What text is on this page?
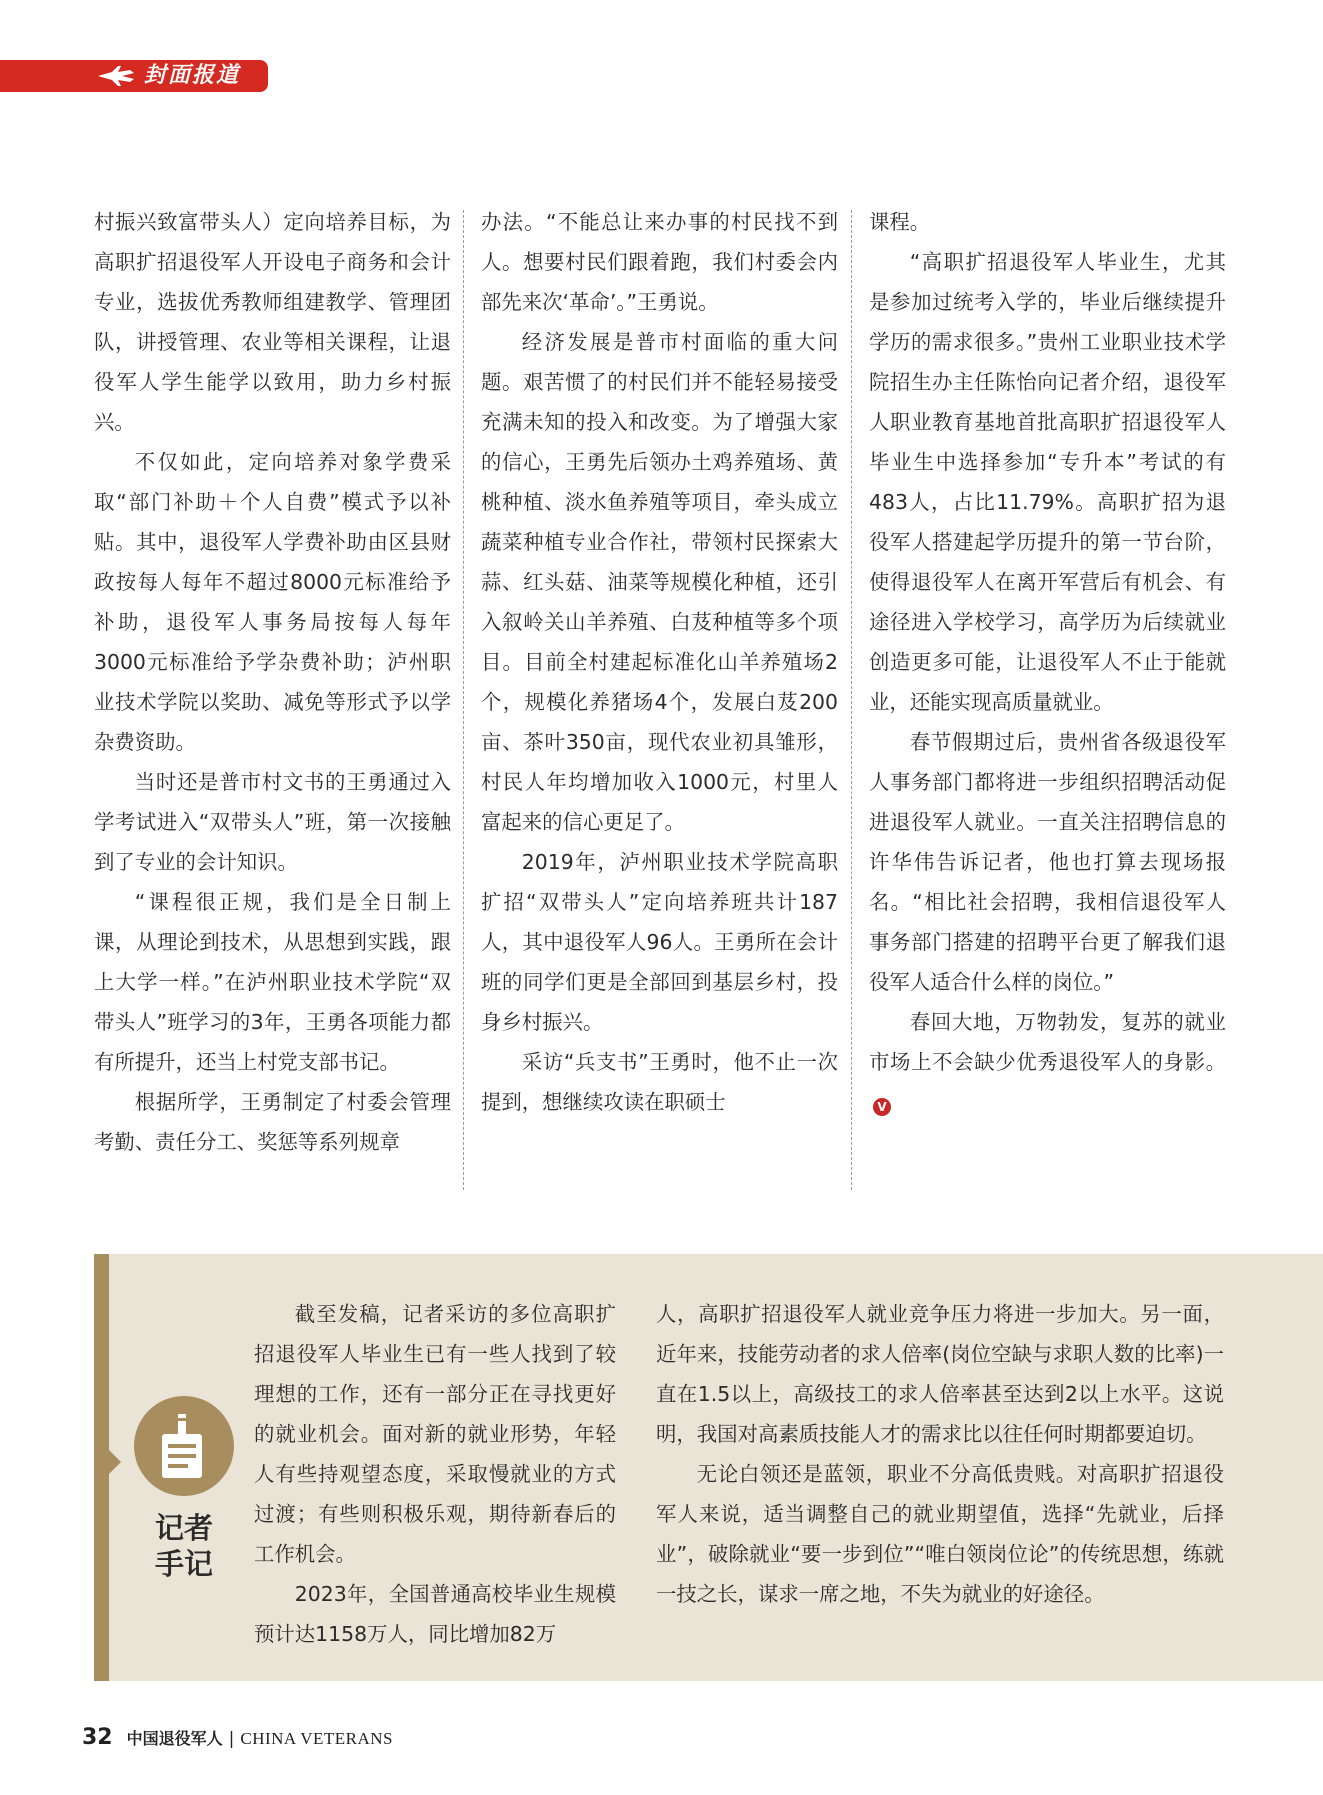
封面报道

村振兴致富带头人）定向培养目标，为高职扩招退役军人开设电子商务和会计专业，选拔优秀教师组建教学、管理团队，讲授管理、农业等相关课程，让退役军人学生能学以致用，助力乡村振兴。

不仅如此，定向培养对象学费采取“部门补助＋个人自费”模式予以补贴。其中，退役军人学费补助由区县财政按每人每年不超过8000元标准给予补助，退役军人事务局按每人每年3000元标准给予学杂费补助；泸州职业技术学院以奖助、减免等形式予以学杂费资助。

当时还是普市村文书的王勇通过入学考试进入“双带头人”班，第一次接触到了专业的会计知识。

“课程很正规，我们是全日制上课，从理论到技术，从思想到实践，跟上大学一样。”在泸州职业技术学院“双带头人”班学习的3年，王勇各项能力都有所提升，还当上村党支部书记。

根据所学，王勇制定了村委会管理考勤、责任分工、奖惩等系列规章

办法。“不能总让来办事的村民找不到人。想要村民们跟着跑，我们村委会内部先来次‘革命’。”王勇说。

经济发展是普市村面临的重大问题。艰苦惯了的村民们并不能轻易接受充满未知的投入和改变。为了增强大家的信心，王勇先后领办土鸡养殖场、黄桃种植、淡水鱼养殖等项目，牵头成立蔬菜种植专业合作社，带领村民探索大蒜、红头菇、油菜等规模化种植，还引入叙岭关山羊养殖、白芨种植等多个项目。目前全村建起标准化山羊养殖场2个，规模化养猪场4个，发展白芨200亩、茶叶350亩，现代农业初具雏形，村民人年均增加收入1000元，村里人富起来的信心更足了。

2019年，泸州职业技术学院高职扩招“双带头人”定向培养班共计187人，其中退役军人96人。王勇所在会计班的同学们更是全部回到基层乡村，投身乡村振兴。

采访“兵支书”王勇时，他不止一次提到，想继续攻读在职硕士

课程。

“高职扩招退役军人毕业生，尤其是参加过统考入学的，毕业后继续提升学历的需求很多。”贵州工业职业技术学院招生办主任陈怡向记者介绍，退役军人职业教育基地首批高职扩招退役军人毕业生中选择参加“专升本”考试的有483人，占比11.79%。高职扩招为退役军人搭建起学历提升的第一节台阶，使得退役军人在离开军营后有机会、有途径进入学校学习，高学历为后续就业创造更多可能，让退役军人不止于能就业，还能实现高质量就业。

春节假期过后，贵州省各级退役军人事务部门都将进一步组织招聘活动促进退役军人就业。一直关注招聘信息的许华伟告诉记者，他也打算去现场报名。“相比社会招聘，我相信退役军人事务部门搭建的招聘平台更了解我们退役军人适合什么样的岗位。”

春回大地，万物勃发，复苏的就业市场上不会缺少优秀退役军人的身影。V

记者
手记

截至发稿，记者采访的多位高职扩招退役军人毕业生已有一些人找到了较理想的工作，还有一部分正在寻找更好的就业机会。面对新的就业形势，年轻人有些持观望态度，采取慢就业的方式过渡；有些则积极乐观，期待新春后的工作机会。

2023年，全国普通高校毕业生规模预计达1158万人，同比增加82万

人，高职扩招退役军人就业竞争压力将进一步加大。另一面，近年来，技能劳动者的求人倍率(岗位空缺与求职人数的比率)一直在1.5以上，高级技工的求人倍率甚至达到2以上水平。这说明，我国对高素质技能人才的需求比以往任何时期都要迫切。

无论白领还是蓝领，职业不分高低贵贱。对高职扩招退役军人来说，适当调整自己的就业期望值，选择“先就业，后择业”，破除就业“要一步到位”“唯白领岗位论”的传统思想，练就一技之长，谋求一席之地，不失为就业的好途径。

32 中国退役军人 | CHINA VETERANS
